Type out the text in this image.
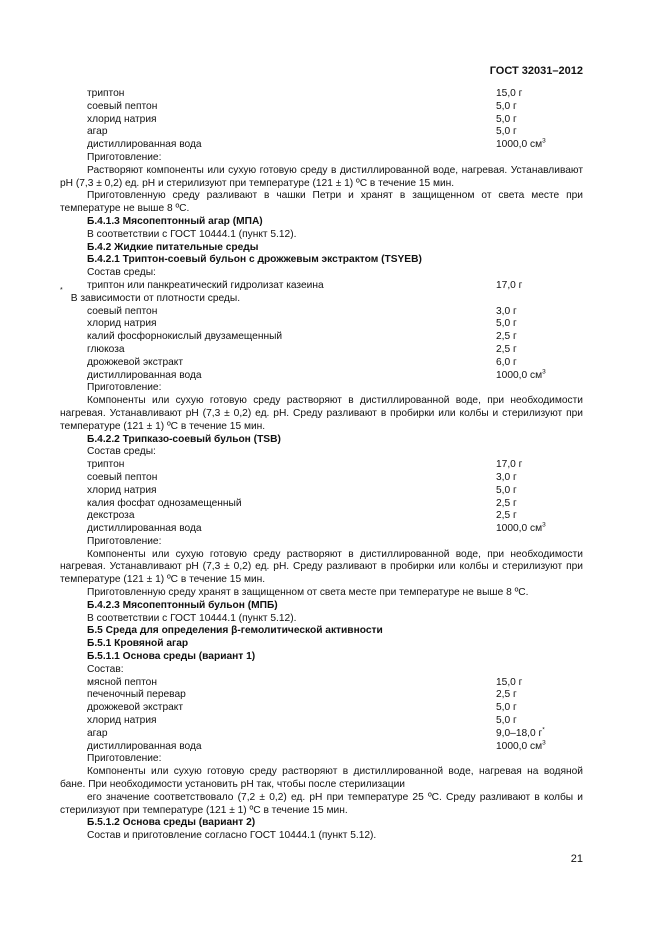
ГОСТ 32031–2012
триптон	15,0 г
соевый пептон	5,0 г
хлорид натрия	5,0 г
агар	5,0 г
дистиллированная вода	1000,0 $см^3$
Приготовление:
Растворяют компоненты или сухую готовую среду в дистиллированной воде, нагревая. Устанавливают pH (7,3 ± 0,2) ед. pH и стерилизуют при температуре (121 ± 1) ºС в течение 15 мин.
Приготовленную среду разливают в чашки Петри и хранят в защищенном от света месте при температуре не выше 8 ºС.
Б.4.1.3 Мясопептонный агар (МПА)
В соответствии с ГОСТ 10444.1 (пункт 5.12).
Б.4.2 Жидкие питательные среды
Б.4.2.1 Триптон-соевый бульон с дрожжевым экстрактом (TSYEB)
Состав среды:
триптон или панкреатический гидролизат казеина	17,0 г
*В зависимости от плотности среды.
соевый пептон	3,0 г
хлорид натрия	5,0 г
калий фосфорнокислый двузамещенный	2,5 г
глюкоза	2,5 г
дрожжевой экстракт	6,0 г
дистиллированная вода	1000,0 $см^3$
Приготовление:
Компоненты или сухую готовую среду растворяют в дистиллированной воде, при необходимости нагревая. Устанавливают pH (7,3 ± 0,2) ед. pH. Среду разливают в пробирки или колбы и стерилизуют при температуре (121 ± 1) ºС в течение 15 мин.
Б.4.2.2 Трипказо-соевый бульон (TSB)
Состав среды:
триптон	17,0 г
соевый пептон	3,0 г
хлорид натрия	5,0 г
калия фосфат однозамещенный	2,5 г
декстроза	2,5 г
дистиллированная вода	1000,0 $см^3$
Приготовление:
Компоненты или сухую готовую среду растворяют в дистиллированной воде, при необходимости нагревая. Устанавливают pH (7,3 ± 0,2) ед. pH. Среду разливают в пробирки или колбы и стерилизуют при температуре (121 ± 1) ºС в течение 15 мин.
Приготовленную среду хранят в защищенном от света месте при температуре не выше 8 ºС.
Б.4.2.3 Мясопептонный бульон (МПБ)
В соответствии с ГОСТ 10444.1 (пункт 5.12).
Б.5 Среда для определения β-гемолитической активности
Б.5.1 Кровяной агар
Б.5.1.1 Основа среды (вариант 1)
Состав:
мясной пептон	15,0 г
печеночный перевар	2,5 г
дрожжевой экстракт	5,0 г
хлорид натрия	5,0 г
агар	9,0–18,0 г*
дистиллированная вода	1000,0 $см^3$
Приготовление:
Компоненты или сухую готовую среду растворяют в дистиллированной воде, нагревая на водяной бане. При необходимости установить pH так, чтобы после стерилизации
его значение соответствовало (7,2 ± 0,2) ед. pH при температуре 25 ºС. Среду разливают в колбы и стерилизуют при температуре (121 ± 1) ºС в течение 15 мин.
Б.5.1.2 Основа среды (вариант 2)
Состав и приготовление согласно ГОСТ 10444.1 (пункт 5.12).
21
